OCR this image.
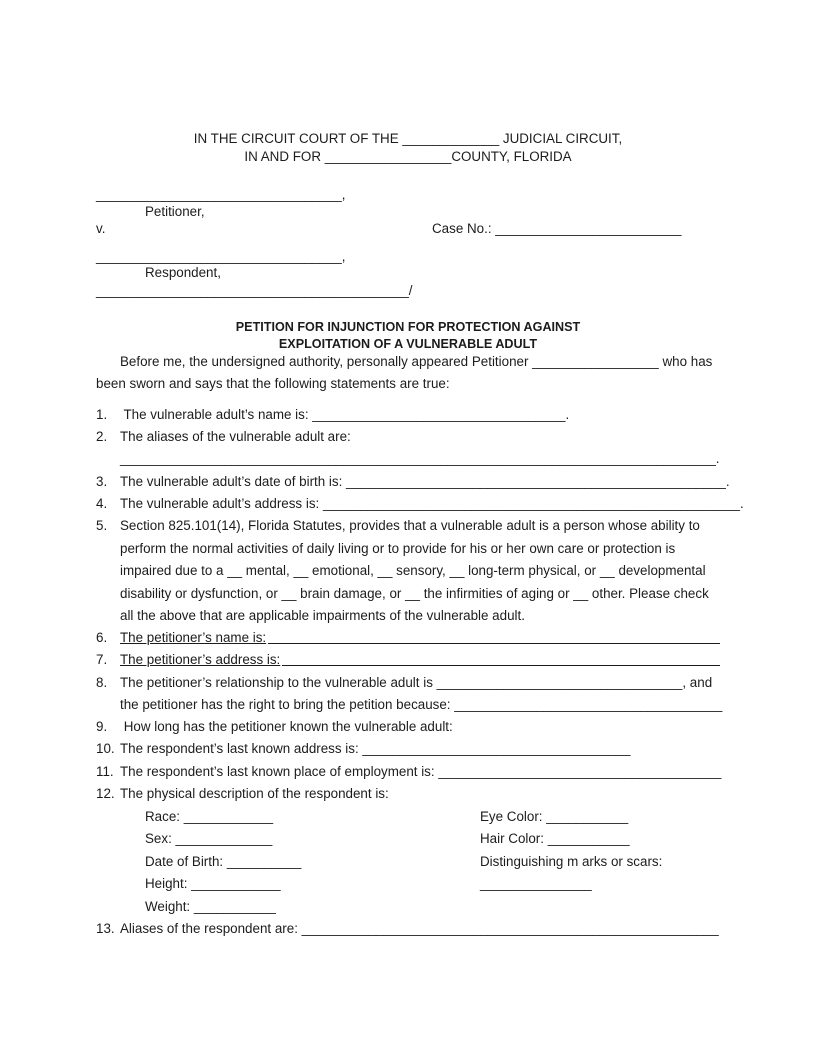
IN THE CIRCUIT COURT OF THE _____________ JUDICIAL CIRCUIT,
IN AND FOR _________________COUNTY, FLORIDA
_________________________________,
Petitioner,
v.	Case No.: _________________________
_________________________________,
Respondent,
__________________________________________/
PETITION FOR INJUNCTION FOR PROTECTION AGAINST
EXPLOITATION OF A VULNERABLE ADULT
Before me, the undersigned authority, personally appeared Petitioner _________________ who has
been sworn and says that the following statements are true:
1. The vulnerable adult’s name is: __________________________________.
2. The aliases of the vulnerable adult are:
________________________________________________________________________________.
3. The vulnerable adult’s date of birth is: ___________________________________________________.
4. The vulnerable adult’s address is: ________________________________________________________.
5. Section 825.101(14), Florida Statutes, provides that a vulnerable adult is a person whose ability to
perform the normal activities of daily living or to provide for his or her own care or protection is
impaired due to a __ mental, __ emotional, __ sensory, __ long-term physical, or __ developmental
disability or dysfunction, or __ brain damage, or __ the infirmities of aging or __ other. Please check
all the above that are applicable impairments of the vulnerable adult.
6. The petitioner’s name is:
7. The petitioner’s address is:
8. The petitioner’s relationship to the vulnerable adult is _________________________________, and
the petitioner has the right to bring the petition because: ____________________________________
9. How long has the petitioner known the vulnerable adult:
10. The respondent’s last known address is: ____________________________________
11. The respondent’s last known place of employment is: ______________________________________
12. The physical description of the respondent is:
Race: ____________
Sex: _____________
Date of Birth: __________
Height: ____________
Weight: ___________
Eye Color: ___________
Hair Color: ___________
Distinguishing m arks or scars:
_______________
13. Aliases of the respondent are: ________________________________________________________
